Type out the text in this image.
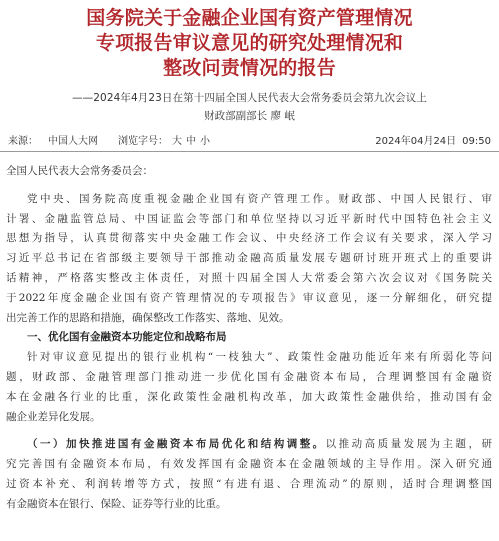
国务院关于金融企业国有资产管理情况
专项报告审议意见的研究处理情况和
整改问责情况的报告
——2024年4月23日在第十四届全国人民代表大会常务委员会第九次会议上
财政部副部长 廖 岷
来源： 中国人大网 浏览字号： 大 中 小	2024年04月24日 09:50
全国人民代表大会常务委员会：
党中央、国务院高度重视金融企业国有资产管理工作。财政部、中国人民银行、审
计署、金融监管总局、中国证监会等部门和单位坚持以习近平新时代中国特色社会主义
思想为指导，认真贯彻落实中央金融工作会议、中央经济工作会议有关要求，深入学习
习近平总书记在省部级主要领导干部推动金融高质量发展专题研讨班开班式上的重要讲
话精神，严格落实整改主体责任，对照十四届全国人大常委会第六次会议对《国务院关
于2022年度金融企业国有资产管理情况的专项报告》审议意见，逐一分解细化，研究提
出完善工作的思路和措施，确保整改工作落实、落地、见效。
一、优化国有金融资本功能定位和战略布局
针对审议意见提出的银行业机构“一枝独大”、政策性金融功能近年来有所弱化等问
题，财政部、金融管理部门推动进一步优化国有金融资本布局，合理调整国有金融资
本在金融各行业的比重，深化政策性金融机构改革，加大政策性金融供给，推动国有金
融企业差异化发展。
（一）加快推进国有金融资本布局优化和结构调整。以推动高质量发展为主题，研
究完善国有金融资本布局，有效发挥国有金融资本在金融领域的主导作用。深入研究通
过资本补充、利润转增等方式，按照“有进有退、合理流动”的原则，适时合理调整国
有金融资本在银行、保险、证券等行业的比重。
